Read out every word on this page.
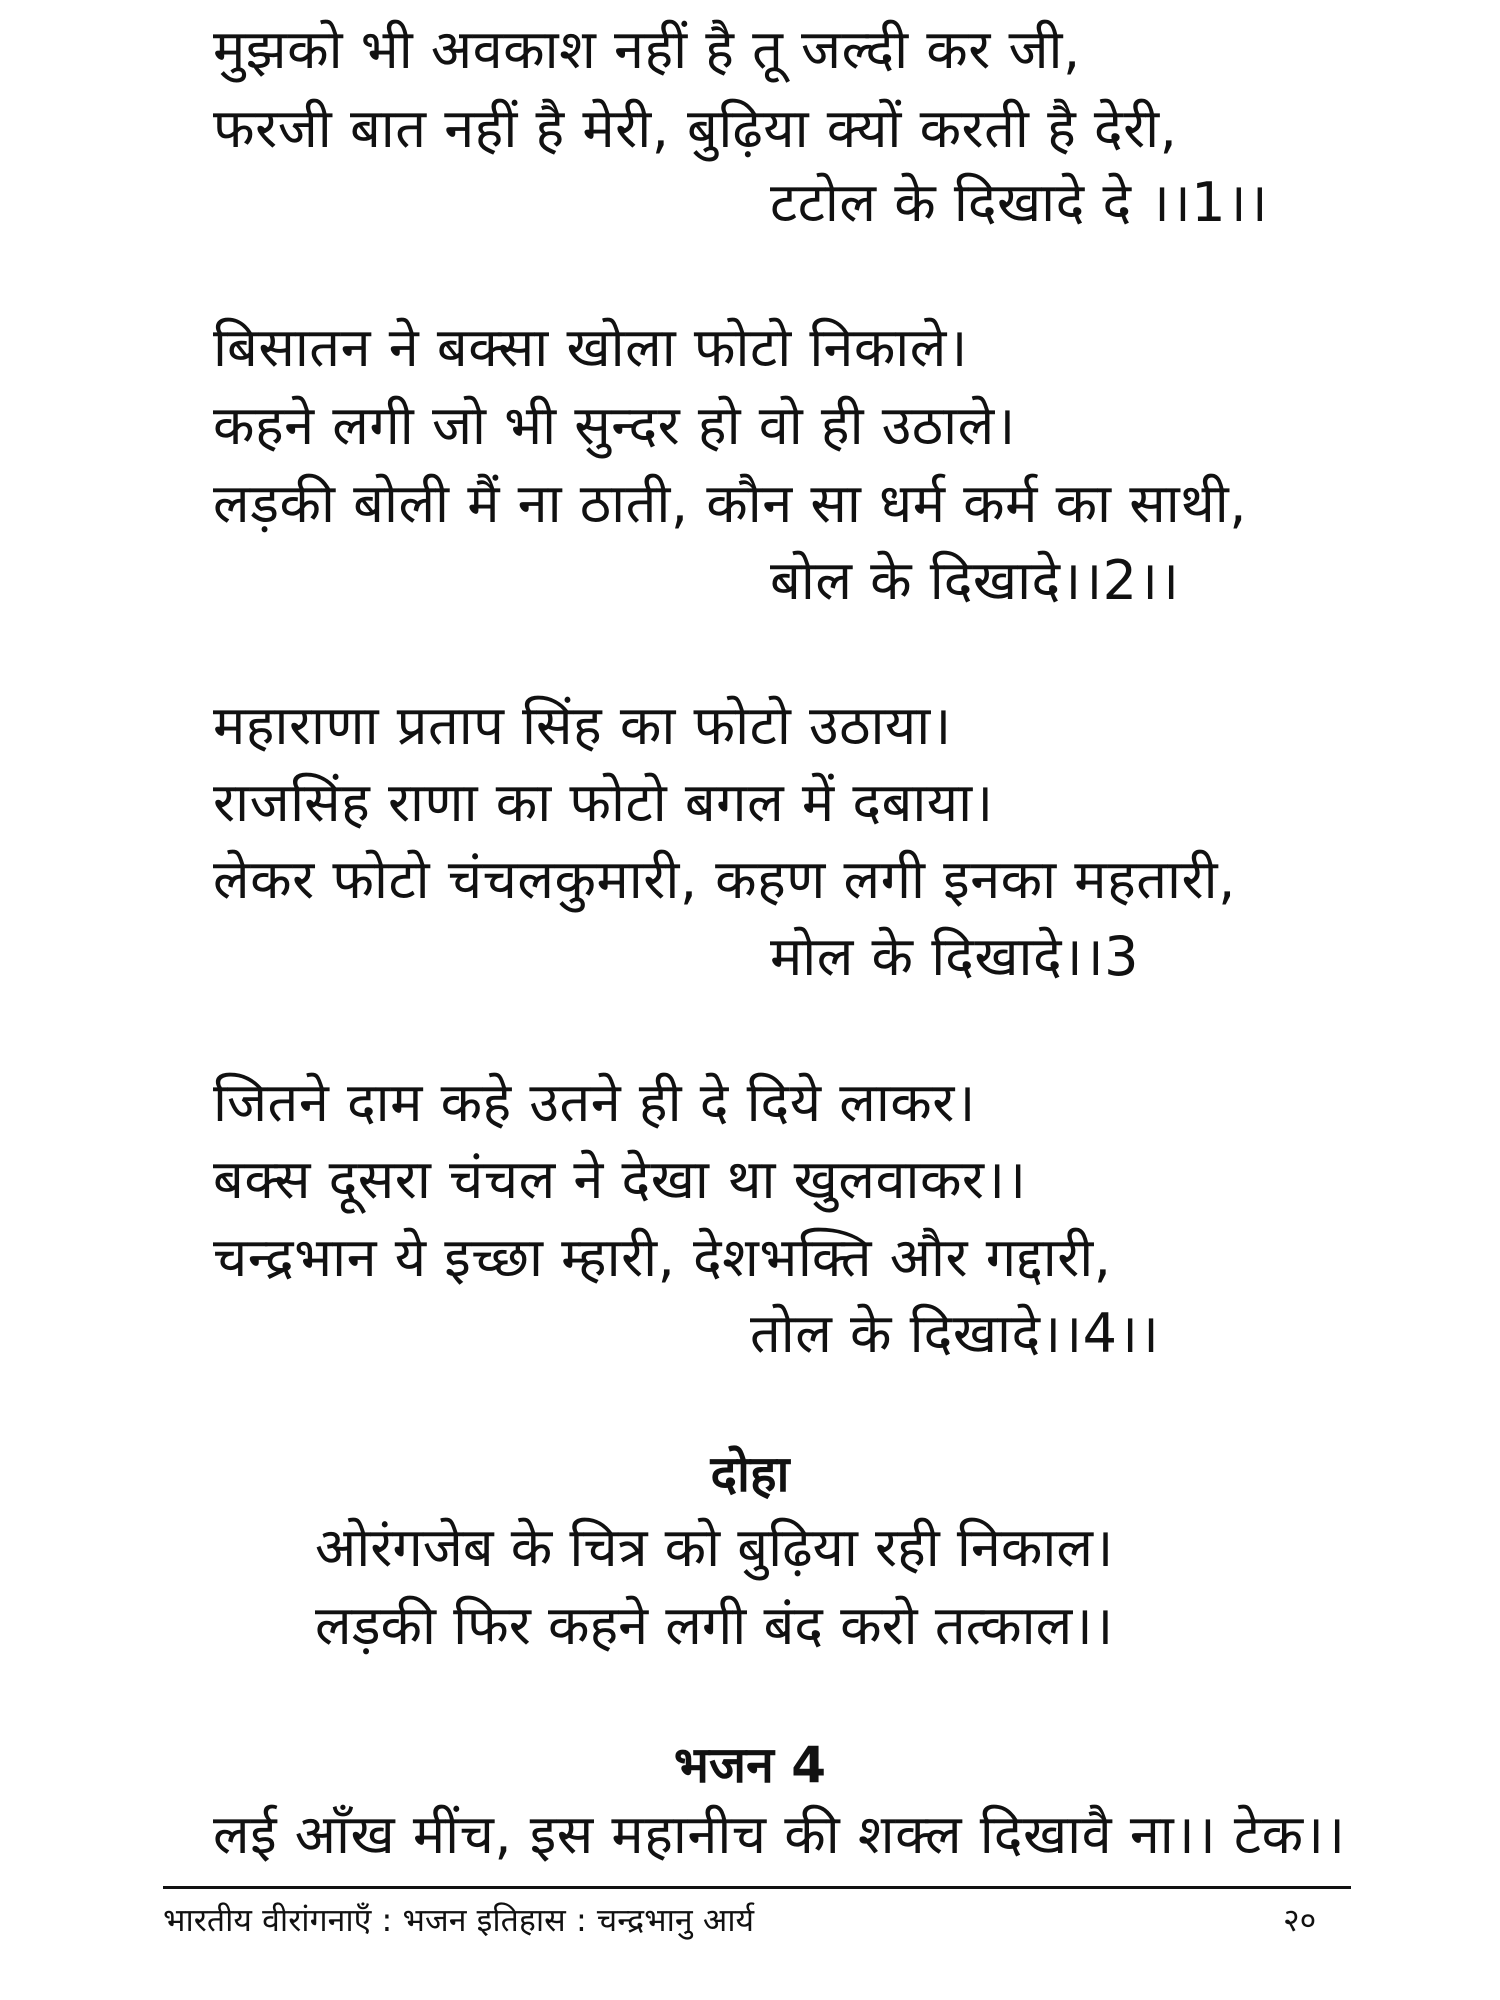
मुझको भी अवकाश नहीं है तू जल्दी कर जी,
फरजी बात नहीं है मेरी, बुढ़िया क्यों करती है देरी,
टटोल के दिखादे दे ।।1।।
बिसातन ने बक्सा खोला फोटो निकाले।
कहने लगी जो भी सुन्दर हो वो ही उठाले।
लड़की बोली मैं ना ठाती, कौन सा धर्म कर्म का साथी,
बोल के दिखादे।।2।।
महाराणा प्रताप सिंह का फोटो उठाया।
राजसिंह राणा का फोटो बगल में दबाया।
लेकर फोटो चंचलकुमारी, कहण लगी इनका महतारी,
मोल के दिखादे।।3
जितने दाम कहे उतने ही दे दिये लाकर।
बक्स दूसरा चंचल ने देखा था खुलवाकर।।
चन्द्रभान ये इच्छा म्हारी, देशभक्ति और गद्दारी,
तोल के दिखादे।।4।।
दोहा
ओरंगजेब के चित्र को बुढ़िया रही निकाल।
लड़की फिर कहने लगी बंद करो तत्काल।।
भजन 4
लई आँख मींच, इस महानीच की शक्ल दिखावै ना।। टेक।।
भारतीय वीरांगनाएँ : भजन इतिहास : चन्द्रभानु आर्य	२०
